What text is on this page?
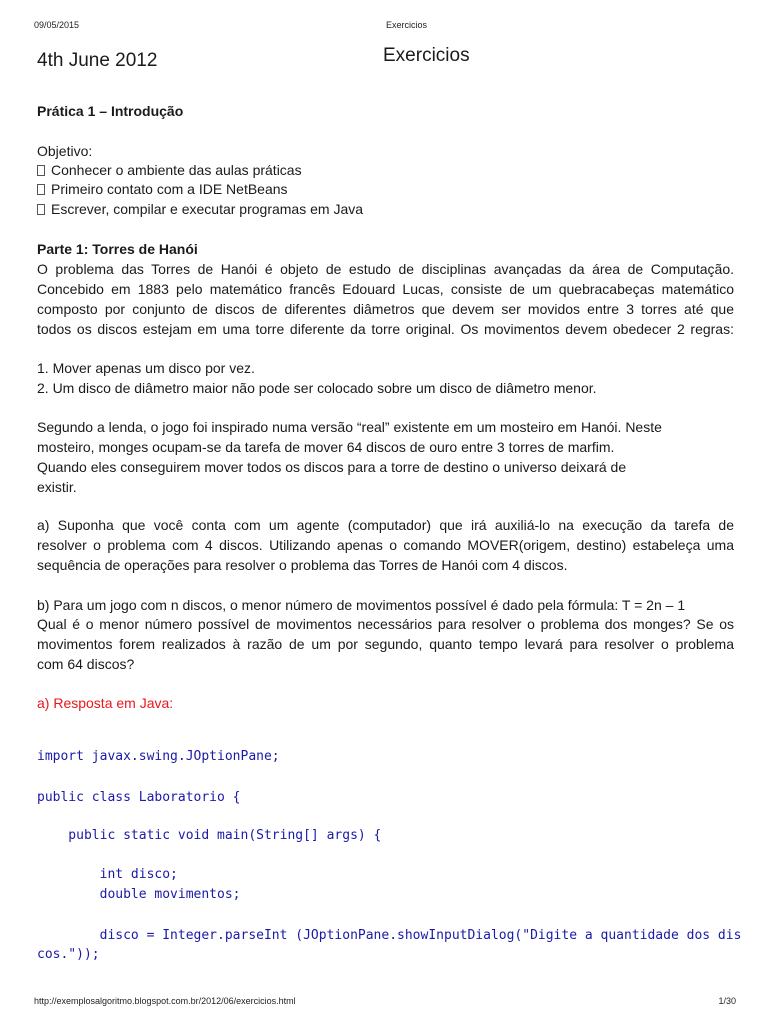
09/05/2015	Exercicios
4th June 2012	Exercicios
Prática 1 – Introdução
Objetivo:
Conhecer o ambiente das aulas práticas
Primeiro contato com a IDE NetBeans
Escrever, compilar e executar programas em Java
Parte 1: Torres de Hanói
O problema das Torres de Hanói é objeto de estudo de disciplinas avançadas da área de Computação.
Concebido em 1883 pelo matemático francês Edouard Lucas, consiste de um quebracabeças matemático
composto por conjunto de discos de diferentes diâmetros que devem ser movidos entre 3 torres até que
todos os discos estejam em uma torre diferente da torre original. Os movimentos devem obedecer 2 regras:
1. Mover apenas um disco por vez.
2. Um disco de diâmetro maior não pode ser colocado sobre um disco de diâmetro menor.
Segundo a lenda, o jogo foi inspirado numa versão “real” existente em um mosteiro em Hanói. Neste
mosteiro, monges ocupam-se da tarefa de mover 64 discos de ouro entre 3 torres de marfim.
Quando eles conseguirem mover todos os discos para a torre de destino o universo deixará de
existir.
a) Suponha que você conta com um agente (computador) que irá auxiliá-lo na execução da tarefa de
resolver o problema com 4 discos. Utilizando apenas o comando MOVER(origem, destino) estabeleça uma
sequência de operações para resolver o problema das Torres de Hanói com 4 discos.
b) Para um jogo com n discos, o menor número de movimentos possível é dado pela fórmula: T = 2n – 1
Qual é o menor número possível de movimentos necessários para resolver o problema dos monges? Se os
movimentos forem realizados à razão de um por segundo, quanto tempo levará para resolver o problema
com 64 discos?
a) Resposta em Java:
import javax.swing.JOptionPane;
public class Laboratorio {
public static void main(String[] args) {
int disco;
double movimentos;
disco = Integer.parseInt (JOptionPane.showInputDialog("Digite a quantidade dos dis
cos."));
http://exemplosalgoritmo.blogspot.com.br/2012/06/exercicios.html	1/30
